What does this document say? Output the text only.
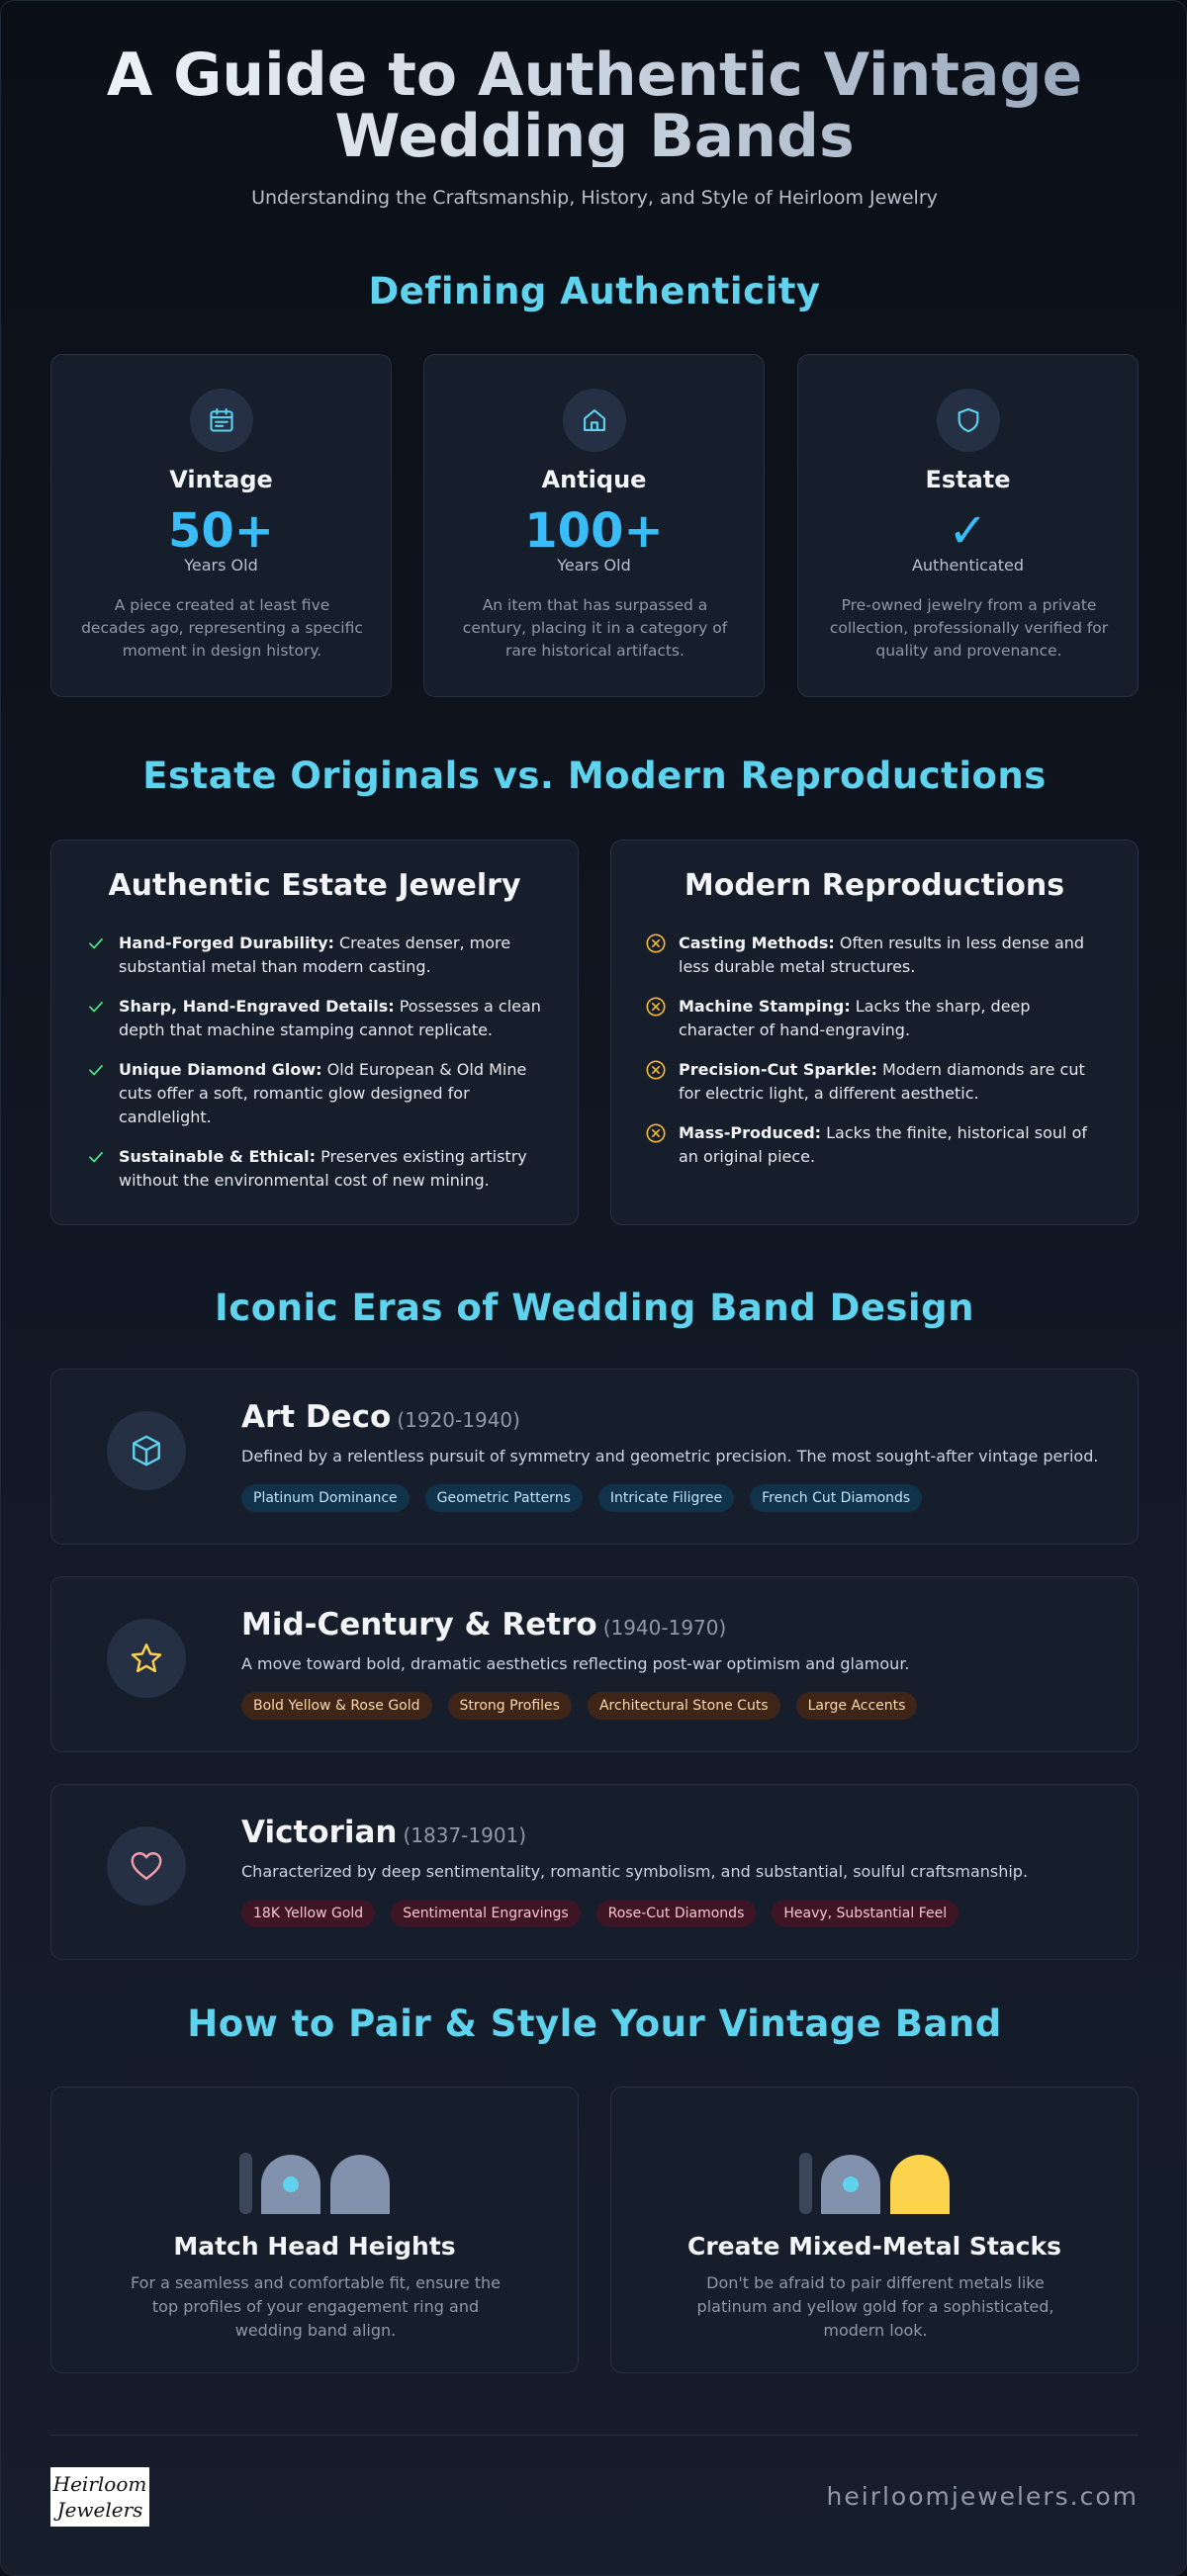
A Guide to Authentic Vintage Wedding Bands

Understanding the Craftsmanship, History, and Style of Heirloom Jewelry

Defining Authenticity
Vintage
50+
Years Old
A piece created at least five decades ago, representing a specific moment in design history.
Antique
100+
Years Old
An item that has surpassed a century, placing it in a category of rare historical artifacts.
Estate
✓
Authenticated
Pre-owned jewelry from a private collection, professionally verified for quality and provenance.
Estate Originals vs. Modern Reproductions
Authentic Estate Jewelry
Hand-Forged Durability: Creates denser, more substantial metal than modern casting.
Sharp, Hand-Engraved Details: Possesses a clean depth that machine stamping cannot replicate.
Unique Diamond Glow: Old European & Old Mine cuts offer a soft, romantic glow designed for candlelight.
Sustainable & Ethical: Preserves existing artistry without the environmental cost of new mining.
Modern Reproductions
Casting Methods: Often results in less dense and less durable metal structures.
Machine Stamping: Lacks the sharp, deep character of hand-engraving.
Precision-Cut Sparkle: Modern diamonds are cut for electric light, a different aesthetic.
Mass-Produced: Lacks the finite, historical soul of an original piece.
Iconic Eras of Wedding Band Design
Art Deco (1920-1940)
Defined by a relentless pursuit of symmetry and geometric precision. The most sought-after vintage period.
Platinum Dominance	Geometric Patterns	Intricate Filigree	French Cut Diamonds
Mid-Century & Retro (1940-1970)
A move toward bold, dramatic aesthetics reflecting post-war optimism and glamour.
Bold Yellow & Rose Gold	Strong Profiles	Architectural Stone Cuts	Large Accents
Victorian (1837-1901)
Characterized by deep sentimentality, romantic symbolism, and substantial, soulful craftsmanship.
18K Yellow Gold	Sentimental Engravings	Rose-Cut Diamonds	Heavy, Substantial Feel
How to Pair & Style Your Vintage Band
Match Head Heights
For a seamless and comfortable fit, ensure the top profiles of your engagement ring and wedding band align.
Create Mixed-Metal Stacks
Don't be afraid to pair different metals like platinum and yellow gold for a sophisticated, modern look.
Heirloom
Jewelers	heirloomjewelers.com
